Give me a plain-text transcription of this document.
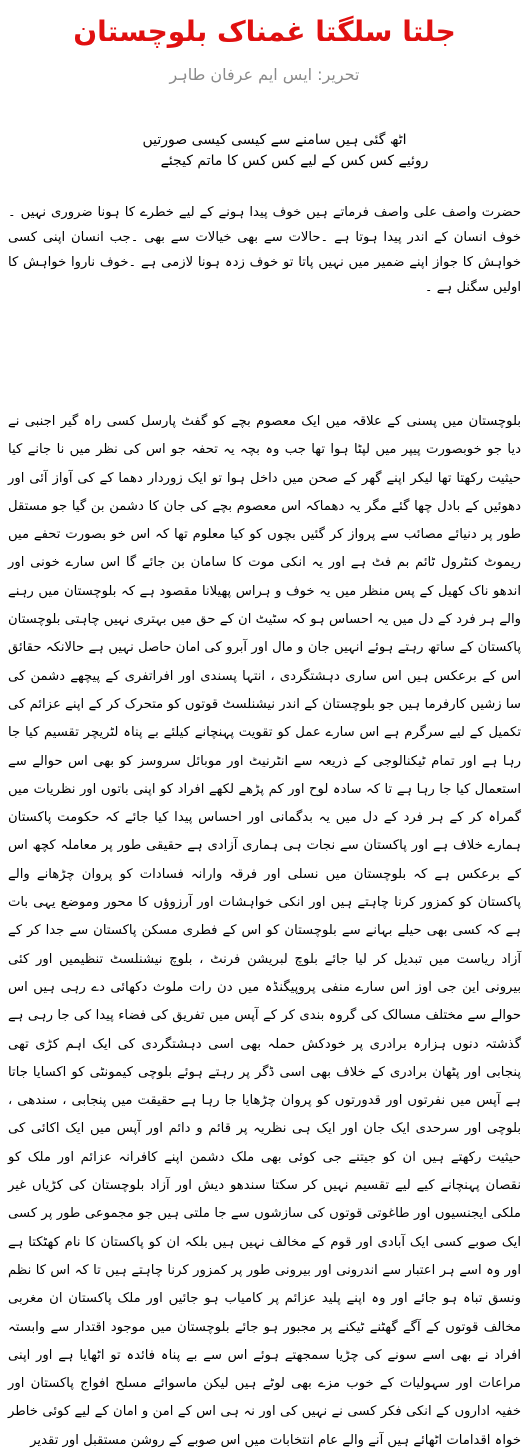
جلتا سلگتا غمناک بلوچستان
تحریر: ایس ایم عرفان طاہر
اٹھ گئی ہیں سامنے سے کیسی کیسی صورتیں
روئیے کس کس کے لیے کس کس کا ماتم کیجئے
حضرت واصف علی واصف فرماتے ہیں خوف پیدا ہونے کے لیے خطرے کا ہونا ضروری نہیں ۔خوف انسان کے اندر پیدا ہوتا ہے ۔حالات سے بھی خیالات سے بھی ۔جب انسان اپنی کسی خواہش کا جواز اپنے ضمیر میں نہیں پاتا تو خوف زدہ ہونا لازمی ہے ۔خوف ناروا خواہش کا اولیں سگنل ہے ۔
بلوچستان میں پسنی کے علاقہ میں ایک معصوم بچے کو گفٹ پارسل کسی راہ گیر اجنبی نے دیا جو خوبصورت پیپر میں لپٹا ہوا تھا جب وہ بچہ یہ تحفہ جو اس کی نظر میں نا جانے کیا حیثیت رکھتا تھا لیکر اپنے گھر کے صحن میں داخل ہوا تو ایک زوردار دھما کے کی آواز آئی اور دھوئیں کے بادل چھا گئے مگر یہ دھماکہ اس معصوم بچے کی جان کا دشمن بن گیا جو مستقل طور پر دنیائے مصائب سے پرواز کر گئیں بچوں کو کیا معلوم تھا کہ اس خو بصورت تحفے میں ریموٹ کنٹرول ٹائم بم فٹ ہے اور یہ انکی موت کا سامان بن جائے گا اس سارے خونی اور اندھو ناک کھیل کے پس منظر میں یہ خوف و ہراس پھیلانا مقصود ہے کہ بلوچستان میں رہنے والے ہر فرد کے دل میں یہ احساس ہو کہ سٹیٹ ان کے حق میں بہتری نہیں چاہتی بلوچستان پاکستان کے ساتھ رہتے ہوئے انہیں جان و مال اور آبرو کی امان حاصل نہیں ہے حالانکہ حقائق اس کے برعکس ہیں اس ساری دہشتگردی ، انتہا پسندی اور افراتفری کے پیچھے دشمن کی سا زشیں کارفرما ہیں جو بلوچستان کے اندر نیشنلسٹ قوتوں کو متحرک کر کے اپنے عزائم کی تکمیل کے لیے سرگرم ہے اس سارے عمل کو تقویت پہنچانے کیلئے بے پناہ لٹریچر تقسیم کیا جا رہا ہے اور تمام ٹیکنالوجی کے ذریعہ سے انٹرنیٹ اور موبائل سروسز کو بھی اس حوالے سے استعمال کیا جا رہا ہے تا کہ سادہ لوح اور کم پڑھے لکھے افراد کو اپنی باتوں اور نظریات میں گمراہ کر کے ہر فرد کے دل میں یہ بدگمانی اور احساس پیدا کیا جائے کہ حکومت پاکستان ہمارے خلاف ہے اور پاکستان سے نجات ہی ہماری آزادی ہے حقیقی طور پر معاملہ کچھ اس کے برعکس ہے کہ بلوچستان میں نسلی اور فرقہ وارانہ فسادات کو پروان چڑھانے والے پاکستان کو کمزور کرنا چاہتے ہیں اور انکی خواہشات اور آرزوؤں کا محور وموضع یہی بات ہے کہ کسی بھی حیلے بہانے سے بلوچستان کو اس کے فطری مسکن پاکستان سے جدا کر کے آزاد ریاست میں تبدیل کر لیا جائے بلوچ لبریشن فرنٹ ، بلوچ نیشنلسٹ تنظیمیں اور کئی بیرونی این جی اوز اس سارے منفی پروپیگنڈہ میں دن رات ملوث دکھائی دے رہی ہیں اس حوالے سے مختلف مسالک کی گروہ بندی کر کے آپس میں تفریق کی فضاء پیدا کی جا رہی ہے گذشتہ دنوں ہزارہ برادری پر خودکش حملہ بھی اسی دہشتگردی کی ایک اہم کڑی تھی پنجابی اور پٹھان برادری کے خلاف بھی اسی ڈگر پر رہتے ہوئے بلوچی کیمونٹی کو اکسایا جاتا ہے آپس میں نفرتوں اور قدورتوں کو پروان چڑھایا جا رہا ہے حقیقت میں پنجابی ، سندھی ، بلوچی اور سرحدی ایک جان اور ایک ہی نظریہ پر قائم و دائم اور آپس میں ایک اکائی کی حیثیت رکھتے ہیں ان کو جیتنے جی کوئی بھی ملک دشمن اپنے کافرانہ عزائم اور ملک کو نقصان پہنچانے کیے لیے تقسیم نہیں کر سکتا سندھو دیش اور آزاد بلوچستان کی کڑیاں غیر ملکی ایجنسیوں اور طاغوتی قوتوں کی سازشوں سے جا ملتی ہیں جو مجموعی طور پر کسی ایک صوبے کسی ایک آبادی اور قوم کے مخالف نہیں ہیں بلکہ ان کو پاکستان کا نام کھٹکتا ہے اور وہ اسے ہر اعتبار سے اندرونی اور بیرونی طور پر کمزور کرنا چاہتے ہیں تا کہ اس کا نظم ونسق تباہ ہو جائے اور وہ اپنے پلید عزائم پر کامیاب ہو جائیں اور ملک پاکستان ان مغربی مخالف قوتوں کے آگے گھٹنے ٹیکنے پر مجبور ہو جائے بلوچستان میں موجود اقتدار سے وابستہ افراد نے بھی اسے سونے کی چڑیا سمجھتے ہوئے اس سے بے پناہ فائدہ تو اٹھایا ہے اور اپنی مراعات اور سہولیات کے خوب مزے بھی لوٹے ہیں لیکن ماسوائے مسلح افواج پاکستان اور خفیہ اداروں کے انکی فکر کسی نے نہیں کی اور نہ ہی اس کے امن و امان کے لیے کوئی خاطر خواہ اقدامات اٹھائے ہیں آنے والے عام انتخابات میں اس صوبے کے روشن مستقبل اور تقدیر
